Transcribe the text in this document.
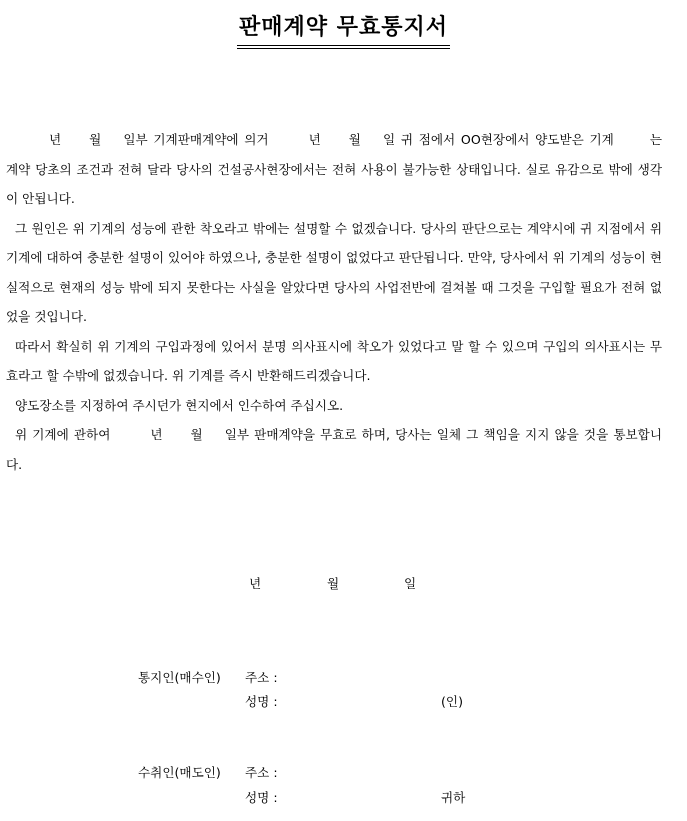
판매계약 무효통지서

년 월 일부 기계판매계약에 의거	년 월 일 귀 점에서 OO현장에서 양도받은 기계	는 계약 당초의 조건과 전혀 달라 당사의 건설공사현장에서는 전혀 사용이 불가능한 상태입니다. 실로 유감으로 밖에 생각이 안됩니다.

그 원인은 위 기계의 성능에 관한 착오라고 밖에는 설명할 수 없겠습니다. 당사의 판단으로는 계약시에 귀 지점에서 위 기계에 대하여 충분한 설명이 있어야 하였으나, 충분한 설명이 없었다고 판단됩니다. 만약, 당사에서 위 기계의 성능이 현실적으로 현재의 성능 밖에 되지 못한다는 사실을 알았다면 당사의 사업전반에 걸쳐볼 때 그것을 구입할 필요가 전혀 없었을 것입니다.

따라서 확실히 위 기계의 구입과정에 있어서 분명 의사표시에 착오가 있었다고 말 할 수 있으며 구입의 의사표시는 무효라고 할 수밖에 없겠습니다. 위 기계를 즉시 반환해드리겠습니다.

양도장소를 지정하여 주시던가 현지에서 인수하여 주십시오.

위 기계에 관하여	년 월 일부 판매계약을 무효로 하며, 당사는 일체 그 책임을 지지 않을 것을 통보합니다.

년	월	일
통지인(매수인) 주소 :
성명 :	(인)
수취인(매도인) 주소 :
성명 :	귀하
